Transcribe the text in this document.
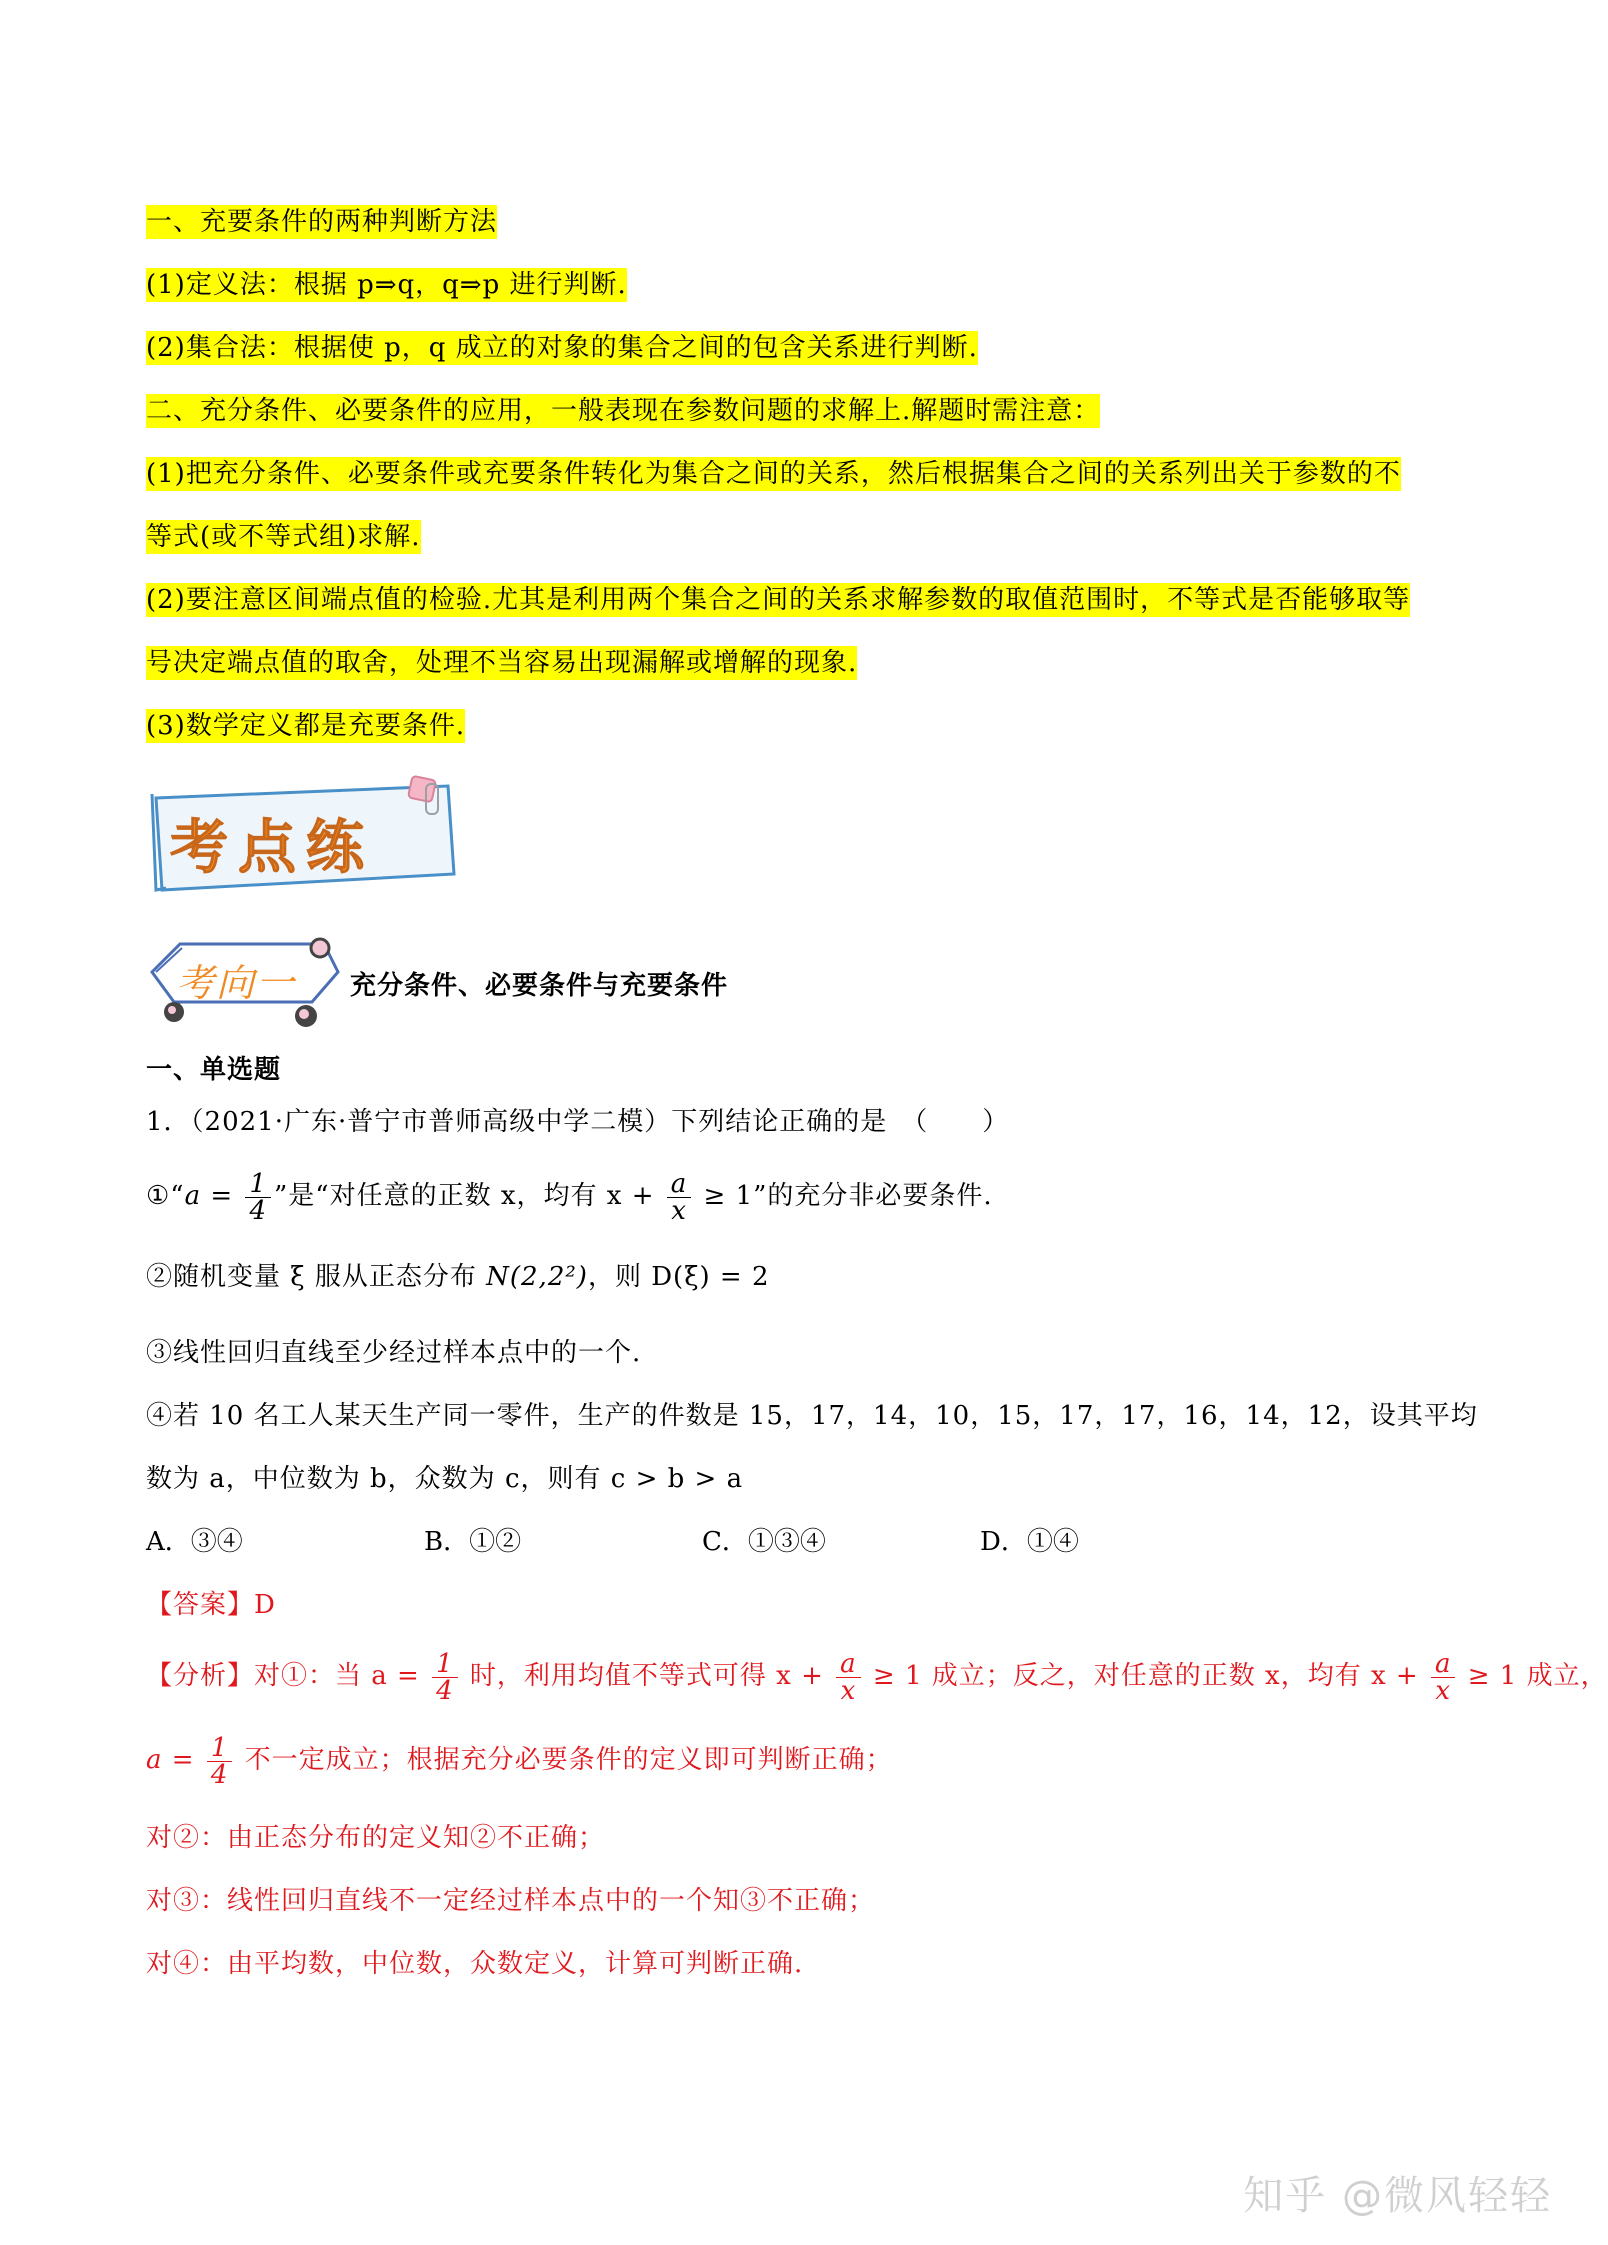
一、充要条件的两种判断方法
(1)定义法：根据 p⇒q，q⇒p 进行判断.
(2)集合法：根据使 p，q 成立的对象的集合之间的包含关系进行判断.
二、充分条件、必要条件的应用，一般表现在参数问题的求解上.解题时需注意：
(1)把充分条件、必要条件或充要条件转化为集合之间的关系，然后根据集合之间的关系列出关于参数的不
等式(或不等式组)求解.
(2)要注意区间端点值的检验.尤其是利用两个集合之间的关系求解参数的取值范围时，不等式是否能够取等
号决定端点值的取舍，处理不当容易出现漏解或增解的现象.
(3)数学定义都是充要条件.
考点练
考向一 充分条件、必要条件与充要条件
一、单选题
1．（2021·广东·普宁市普师高级中学二模）下列结论正确的是　（　　）
①“a = $\frac{1}{4}$ ”是“对任意的正数 x，均有 $x + \frac{a}{x} \ge 1$”的充分非必要条件.
②随机变量 ξ 服从正态分布 N(2,2²)，则 D(ξ) = 2
③线性回归直线至少经过样本点中的一个.
④若 10 名工人某天生产同一零件，生产的件数是 15，17，14，10，15，17，17，16，14，12，设其平均
数为 a，中位数为 b，众数为 c，则有 c > b > a
A．③④	B．①②	C．①③④	D．①④
【答案】D
【分析】对①：当 $a = \frac{1}{4}$ 时，利用均值不等式可得 $x + \frac{a}{x} \ge 1$ 成立；反之，对任意的正数 x，均有 $x + \frac{a}{x} \ge 1$ 成立，
$a = \frac{1}{4}$ 不一定成立；根据充分必要条件的定义即可判断正确；
对②：由正态分布的定义知②不正确；
对③：线性回归直线不一定经过样本点中的一个知③不正确；
对④：由平均数，中位数，众数定义，计算可判断正确.
知乎 @微风轻轻
